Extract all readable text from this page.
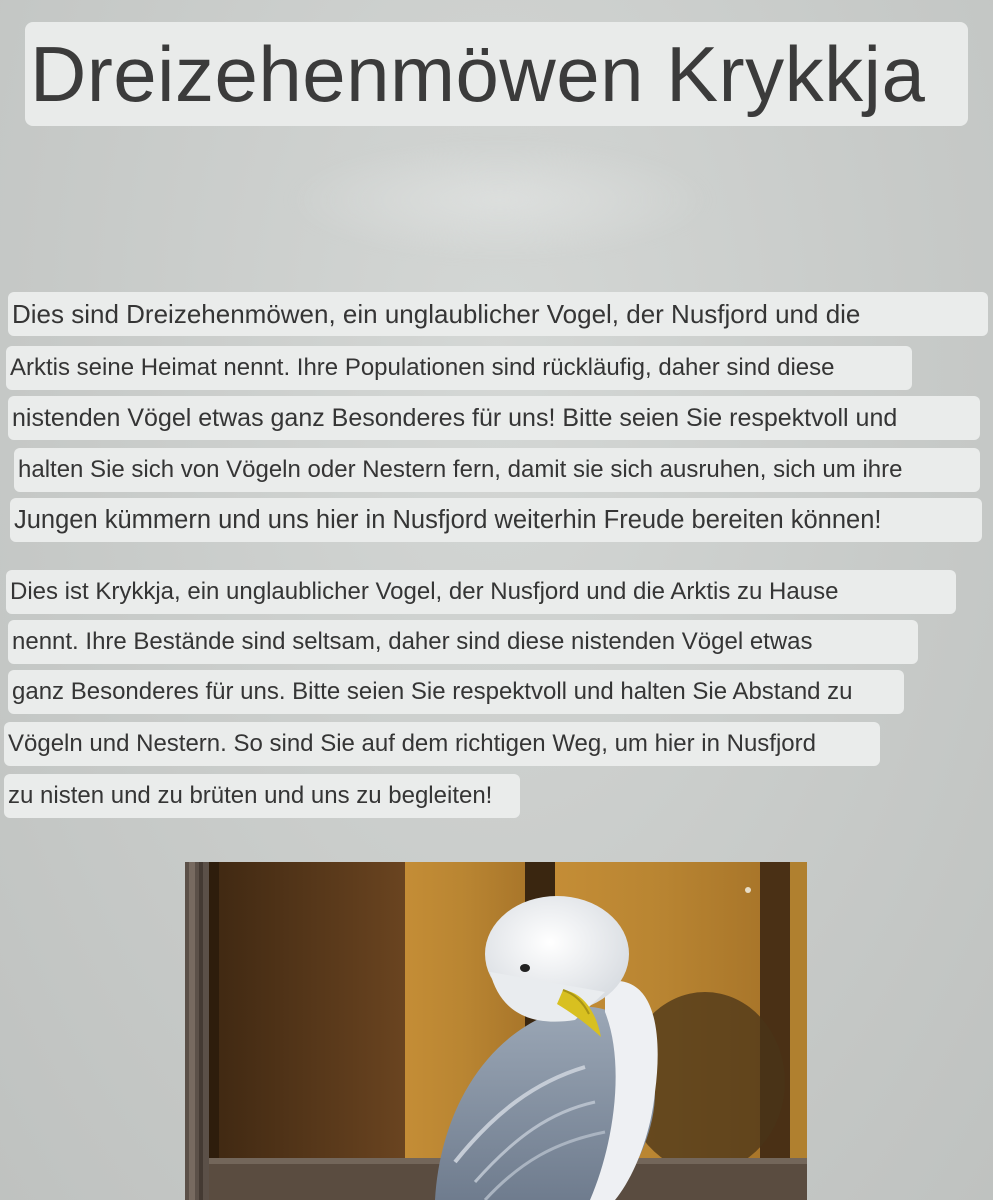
Dreizehenmöwen Krykkja
Dies sind Dreizehenmöwen, ein unglaublicher Vogel, der Nusfjord und die
Arktis seine Heimat nennt. Ihre Populationen sind rückläufig, daher sind diese
nistenden Vögel etwas ganz Besonderes für uns! Bitte seien Sie respektvoll und
halten Sie sich von Vögeln oder Nestern fern, damit sie sich ausruhen, sich um ihre
Jungen kümmern und uns hier in Nusfjord weiterhin Freude bereiten können!
Dies ist Krykkja, ein unglaublicher Vogel, der Nusfjord und die Arktis zu Hause
nennt. Ihre Bestände sind seltsam, daher sind diese nistenden Vögel etwas
ganz Besonderes für uns. Bitte seien Sie respektvoll und halten Sie Abstand zu
Vögeln und Nestern. So sind Sie auf dem richtigen Weg, um hier in Nusfjord
zu nisten und zu brüten und uns zu begleiten!
